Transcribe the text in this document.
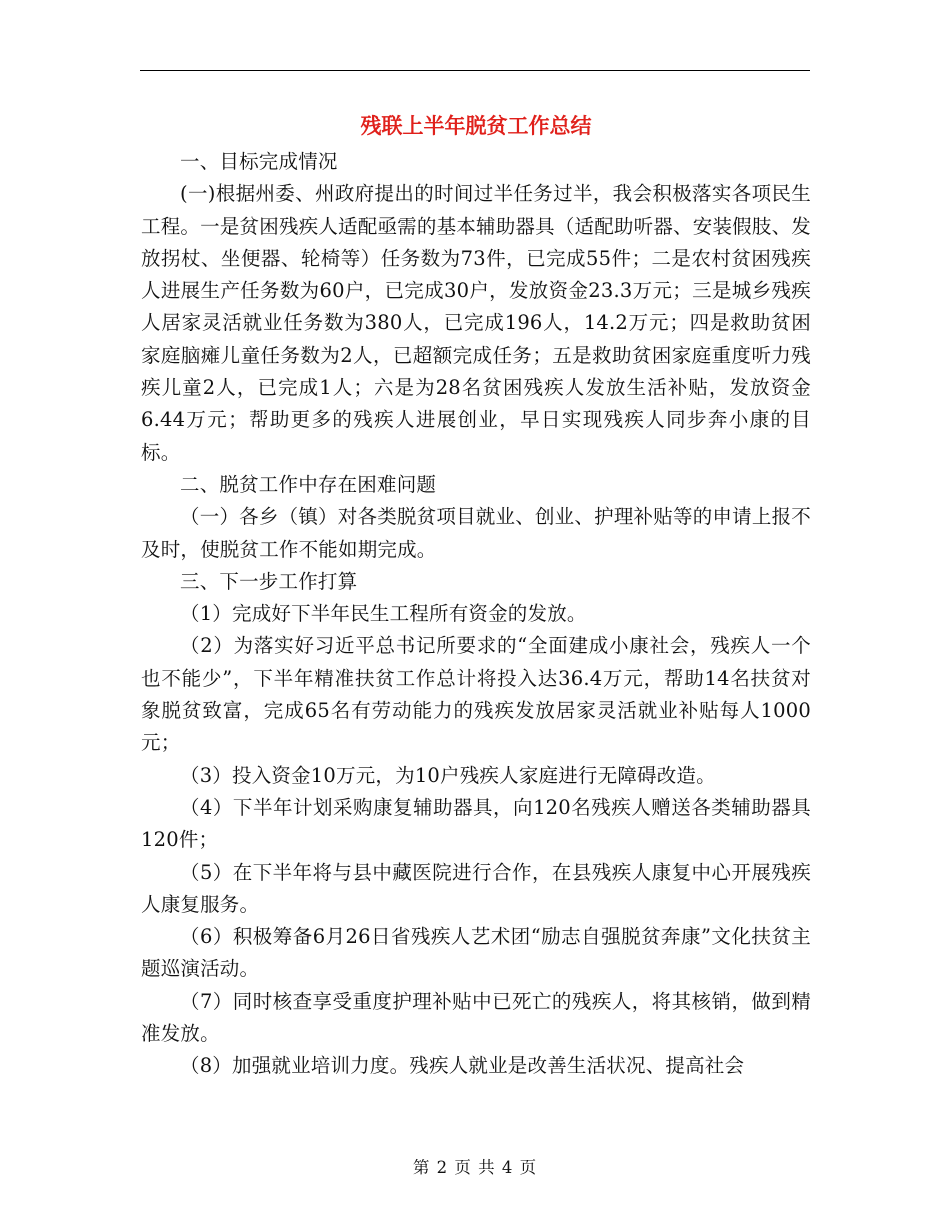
残联上半年脱贫工作总结

一、目标完成情况

(一)根据州委、州政府提出的时间过半任务过半，我会积极落实各项民生工程。一是贫困残疾人适配亟需的基本辅助器具（适配助听器、安装假肢、发放拐杖、坐便器、轮椅等）任务数为73件，已完成55件；二是农村贫困残疾人进展生产任务数为60户，已完成30户，发放资金23.3万元；三是城乡残疾人居家灵活就业任务数为380人，已完成196人，14.2万元；四是救助贫困家庭脑瘫儿童任务数为2人，已超额完成任务；五是救助贫困家庭重度听力残疾儿童2人，已完成1人；六是为28名贫困残疾人发放生活补贴，发放资金6.44万元；帮助更多的残疾人进展创业，早日实现残疾人同步奔小康的目标。

二、脱贫工作中存在困难问题

（一）各乡（镇）对各类脱贫项目就业、创业、护理补贴等的申请上报不及时，使脱贫工作不能如期完成。

三、下一步工作打算

（1）完成好下半年民生工程所有资金的发放。

（2）为落实好习近平总书记所要求的“全面建成小康社会，残疾人一个也不能少”，下半年精准扶贫工作总计将投入达36.4万元，帮助14名扶贫对象脱贫致富，完成65名有劳动能力的残疾发放居家灵活就业补贴每人1000元；

（3）投入资金10万元，为10户残疾人家庭进行无障碍改造。

（4）下半年计划采购康复辅助器具，向120名残疾人赠送各类辅助器具120件；

（5）在下半年将与县中藏医院进行合作，在县残疾人康复中心开展残疾人康复服务。

（6）积极筹备6月26日省残疾人艺术团“励志自强脱贫奔康”文化扶贫主题巡演活动。

（7）同时核查享受重度护理补贴中已死亡的残疾人，将其核销，做到精准发放。

（8）加强就业培训力度。残疾人就业是改善生活状况、提高社会

第 2 页 共 4 页
